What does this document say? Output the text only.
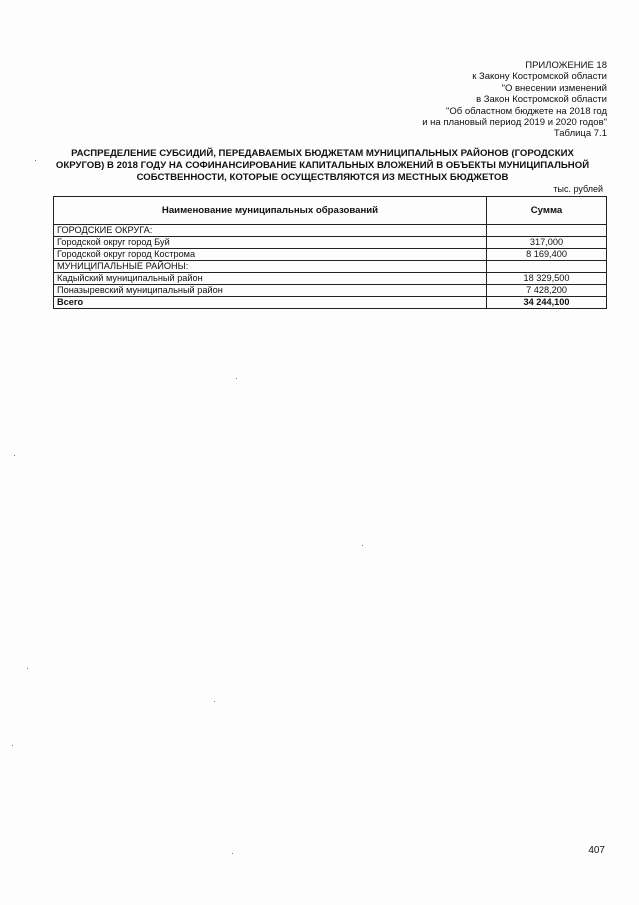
ПРИЛОЖЕНИЕ 18
к Закону Костромской области
"О внесении изменений
в Закон Костромской области
"Об областном бюджете на 2018 год
и на плановый период 2019 и 2020 годов"
Таблица 7.1
РАСПРЕДЕЛЕНИЕ СУБСИДИЙ, ПЕРЕДАВАЕМЫХ БЮДЖЕТАМ МУНИЦИПАЛЬНЫХ РАЙОНОВ (ГОРОДСКИХ
ОКРУГОВ) В 2018 ГОДУ НА СОФИНАНСИРОВАНИЕ КАПИТАЛЬНЫХ ВЛОЖЕНИЙ В ОБЪЕКТЫ МУНИЦИПАЛЬНОЙ
СОБСТВЕННОСТИ, КОТОРЫЕ ОСУЩЕСТВЛЯЮТСЯ ИЗ МЕСТНЫХ БЮДЖЕТОВ
тыс. рублей
Наименование муниципальных образований	Сумма
ГОРОДСКИЕ ОКРУГА:	
Городской округ город Буй	317,000
Городской округ город Кострома	8 169,400
МУНИЦИПАЛЬНЫЕ РАЙОНЫ:	
Кадыйский муниципальный район	18 329,500
Поназыревский муниципальный район	7 428,200
Всего	34 244,100
407
